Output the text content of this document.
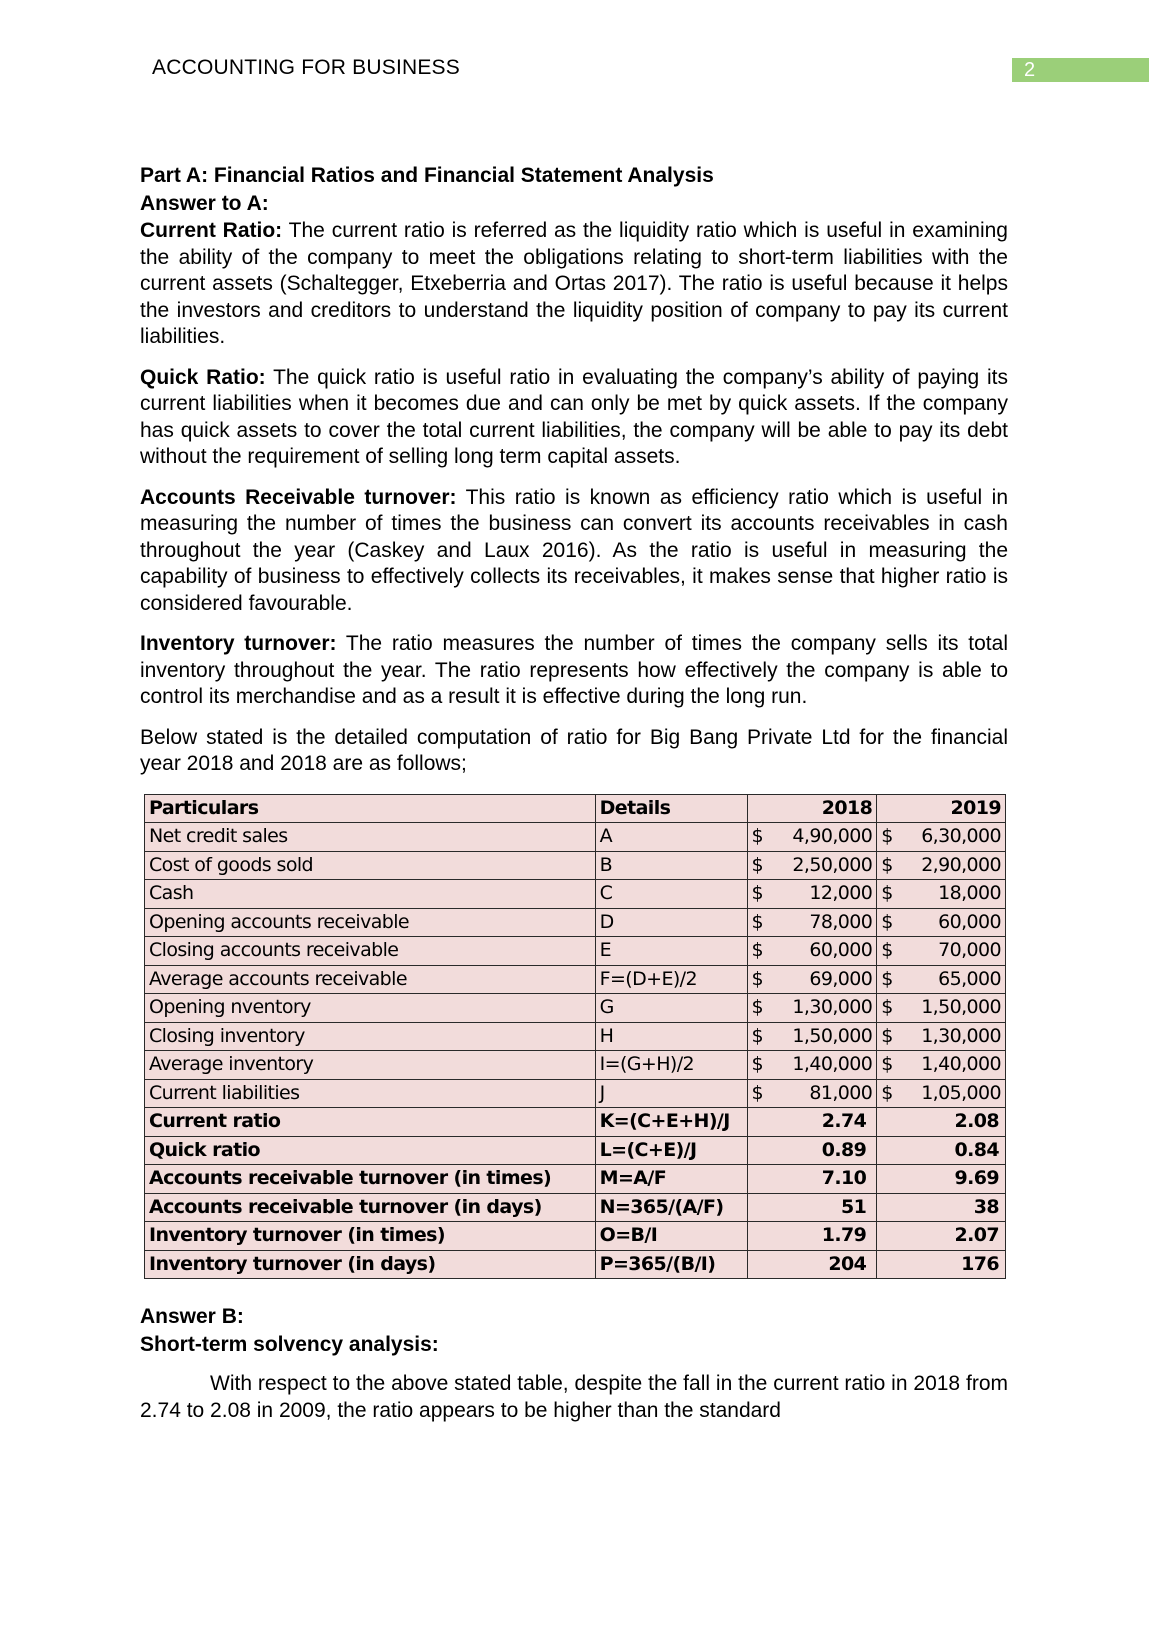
ACCOUNTING FOR BUSINESS	2
Part A: Financial Ratios and Financial Statement Analysis
Answer to A:

Current Ratio: The current ratio is referred as the liquidity ratio which is useful in examining the ability of the company to meet the obligations relating to short-term liabilities with the current assets (Schaltegger, Etxeberria and Ortas 2017). The ratio is useful because it helps the investors and creditors to understand the liquidity position of company to pay its current liabilities.

Quick Ratio: The quick ratio is useful ratio in evaluating the company’s ability of paying its current liabilities when it becomes due and can only be met by quick assets. If the company has quick assets to cover the total current liabilities, the company will be able to pay its debt without the requirement of selling long term capital assets.

Accounts Receivable turnover: This ratio is known as efficiency ratio which is useful in measuring the number of times the business can convert its accounts receivables in cash throughout the year (Caskey and Laux 2016). As the ratio is useful in measuring the capability of business to effectively collects its receivables, it makes sense that higher ratio is considered favourable.

Inventory turnover: The ratio measures the number of times the company sells its total inventory throughout the year. The ratio represents how effectively the company is able to control its merchandise and as a result it is effective during the long run.

Below stated is the detailed computation of ratio for Big Bang Private Ltd for the financial year 2018 and 2018 are as follows;

Particulars	Details	2018	2019
Net credit sales	A	$ 4,90,000	$ 6,30,000

Cost of goods sold	B	$ 2,50,000	$ 2,90,000

Cash	C	$ 12,000	$ 18,000

Opening accounts receivable	D	$ 78,000	$ 60,000

Closing accounts receivable	E	$ 60,000	$ 70,000

Average accounts receivable	F=(D+E)/2	$ 69,000	$ 65,000

Opening nventory	G	$ 1,30,000	$ 1,50,000

Closing inventory	H	$ 1,50,000	$ 1,30,000

Average inventory	I=(G+H)/2	$ 1,40,000	$ 1,40,000

Current liabilities	J	$ 81,000	$ 1,05,000

Current ratio	K=(C+E+H)/J	2.74	2.08
Quick ratio	L=(C+E)/J	0.89	0.84
Accounts receivable turnover (in times)	M=A/F	7.10	9.69
Accounts receivable turnover (in days)	N=365/(A/F)	51	38
Inventory turnover (in times)	O=B/I	1.79	2.07
Inventory turnover (in days)	P=365/(B/I)	204	176
Answer B:
Short-term solvency analysis:

With respect to the above stated table, despite the fall in the current ratio in 2018 from 2.74 to 2.08 in 2009, the ratio appears to be higher than the standard
